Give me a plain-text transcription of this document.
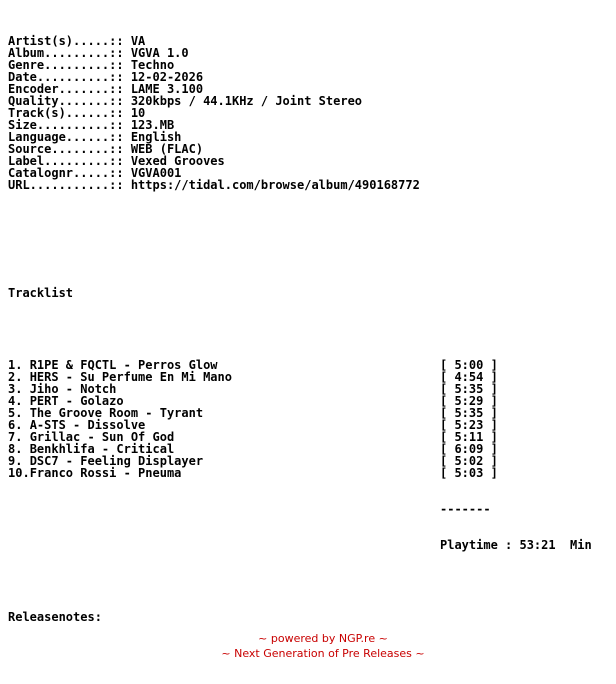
Artist(s).....:: VA
Album.........:: VGVA 1.0
Genre.........:: Techno
Date..........:: 12-02-2026
Encoder.......:: LAME 3.100
Quality.......:: 320kbps / 44.1KHz / Joint Stereo
Track(s)......:: 10
Size..........:: 123.MB
Language......:: English
Source........:: WEB (FLAC)
Label.........:: Vexed Grooves
Catalognr.....:: VGVA001
URL...........:: https://tidal.com/browse/album/490168772

Tracklist

1. R1PE & FQCTL - Perros Glow	[ 5:00 ]
2. HERS - Su Perfume En Mi Mano	[ 4:54 ]
3. Jiho - Notch	[ 5:35 ]
4. PERT - Golazo	[ 5:29 ]
5. The Groove Room - Tyrant	[ 5:35 ]
6. A-STS - Dissolve	[ 5:23 ]
7. Grillac - Sun Of God	[ 5:11 ]
8. Benkhlifa - Critical	[ 6:09 ]
9. DSC7 - Feeling Displayer	[ 5:02 ]
10.Franco Rossi - Pneuma	[ 5:03 ]

-------

Playtime : 53:21  Min

Releasenotes:

~ powered by NGP.re ~
~ Next Generation of Pre Releases ~
